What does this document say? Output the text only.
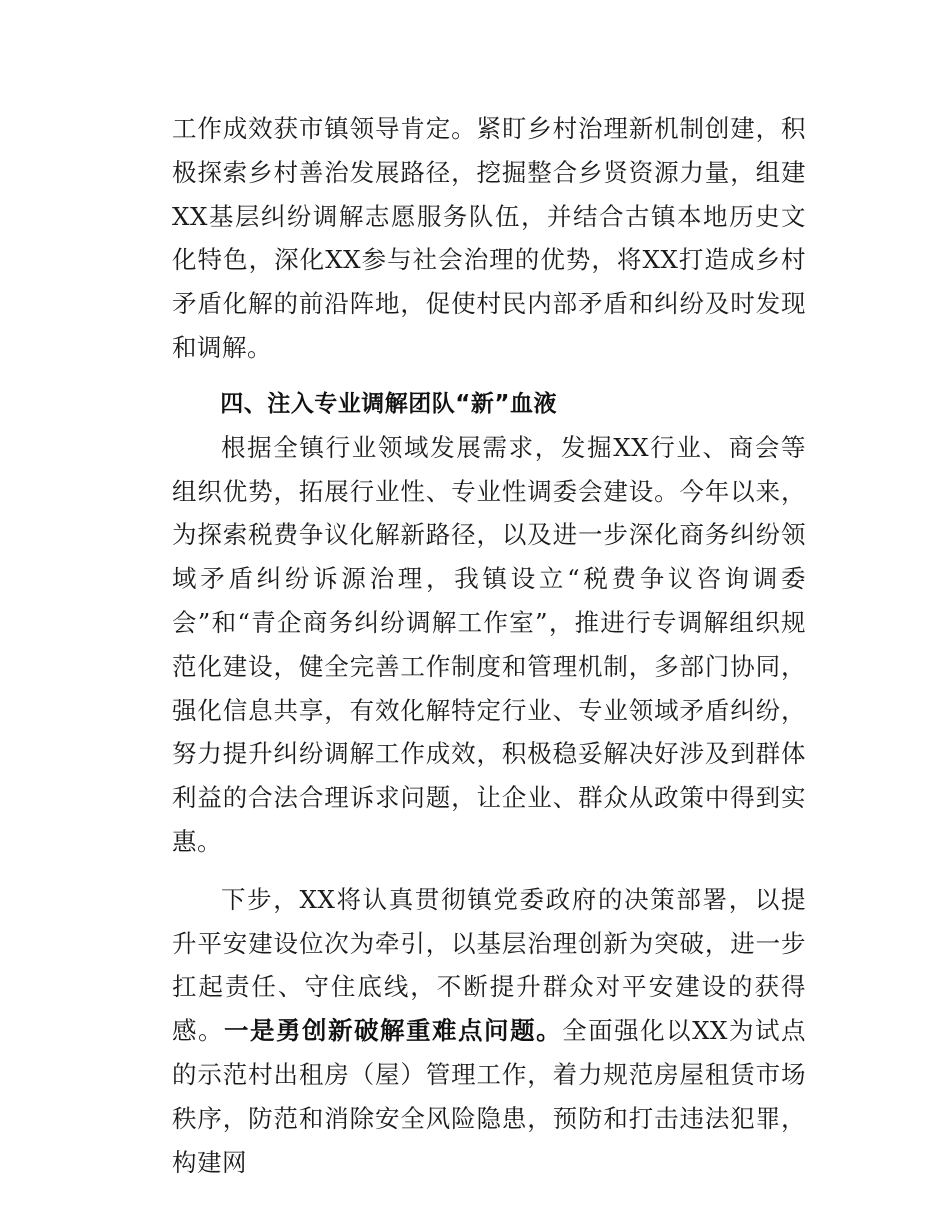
工作成效获市镇领导肯定。紧盯乡村治理新机制创建，积极探索乡村善治发展路径，挖掘整合乡贤资源力量，组建XX基层纠纷调解志愿服务队伍，并结合古镇本地历史文化特色，深化XX参与社会治理的优势，将XX打造成乡村矛盾化解的前沿阵地，促使村民内部矛盾和纠纷及时发现和调解。

四、注入专业调解团队“新”血液

根据全镇行业领域发展需求，发掘XX行业、商会等组织优势，拓展行业性、专业性调委会建设。今年以来，为探索税费争议化解新路径，以及进一步深化商务纠纷领域矛盾纠纷诉源治理，我镇设立“税费争议咨询调委会”和“青企商务纠纷调解工作室”，推进行专调解组织规范化建设，健全完善工作制度和管理机制，多部门协同，强化信息共享，有效化解特定行业、专业领域矛盾纠纷，努力提升纠纷调解工作成效，积极稳妥解决好涉及到群体利益的合法合理诉求问题，让企业、群众从政策中得到实惠。

下步，XX将认真贯彻镇党委政府的决策部署，以提升平安建设位次为牵引，以基层治理创新为突破，进一步扛起责任、守住底线，不断提升群众对平安建设的获得感。一是勇创新破解重难点问题。全面强化以XX为试点的示范村出租房（屋）管理工作，着力规范房屋租赁市场秩序，防范和消除安全风险隐患，预防和打击违法犯罪，构建网
